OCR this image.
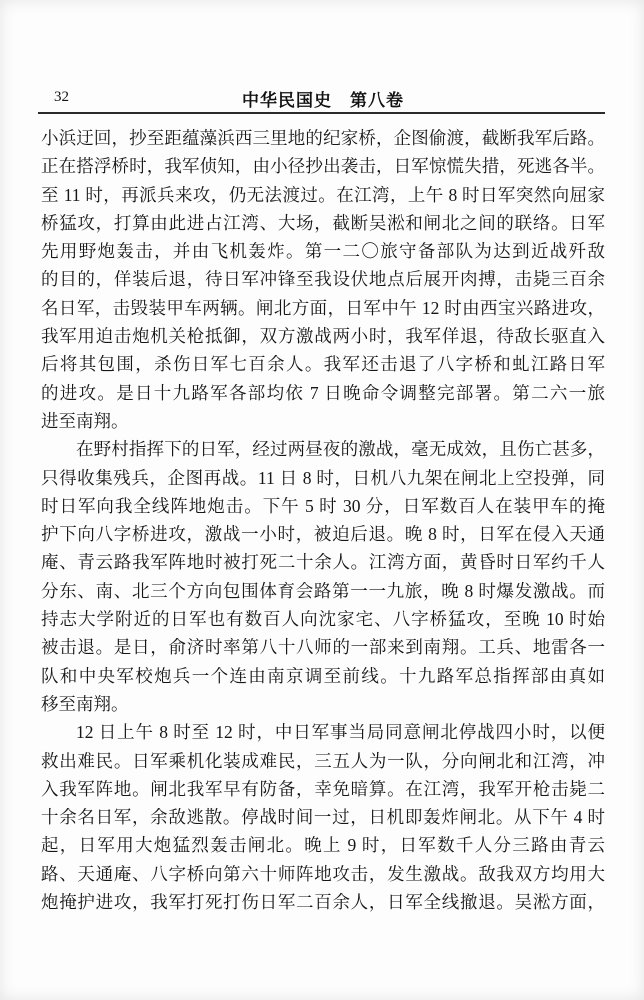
32	中华民国史　第八卷
小浜迂回，抄至距蕴藻浜西三里地的纪家桥，企图偷渡，截断我军后路。
正在搭浮桥时，我军侦知，由小径抄出袭击，日军惊慌失措，死逃各半。
至 11 时，再派兵来攻，仍无法渡过。在江湾，上午 8 时日军突然向屈家
桥猛攻，打算由此进占江湾、大场，截断吴淞和闸北之间的联络。日军
先用野炮轰击，并由飞机轰炸。第一二〇旅守备部队为达到近战歼敌
的目的，佯装后退，待日军冲锋至我设伏地点后展开肉搏，击毙三百余
名日军，击毁装甲车两辆。闸北方面，日军中午 12 时由西宝兴路进攻，
我军用迫击炮机关枪抵御，双方激战两小时，我军佯退，待敌长驱直入
后将其包围，杀伤日军七百余人。我军还击退了八字桥和虬江路日军
的进攻。是日十九路军各部均依 7 日晚命令调整完部署。第二六一旅
进至南翔。
在野村指挥下的日军，经过两昼夜的激战，毫无成效，且伤亡甚多，
只得收集残兵，企图再战。11 日 8 时，日机八九架在闸北上空投弹，同
时日军向我全线阵地炮击。下午 5 时 30 分，日军数百人在装甲车的掩
护下向八字桥进攻，激战一小时，被迫后退。晚 8 时，日军在侵入天通
庵、青云路我军阵地时被打死二十余人。江湾方面，黄昏时日军约千人
分东、南、北三个方向包围体育会路第一一九旅，晚 8 时爆发激战。而
持志大学附近的日军也有数百人向沈家宅、八字桥猛攻，至晚 10 时始
被击退。是日，俞济时率第八十八师的一部来到南翔。工兵、地雷各一
队和中央军校炮兵一个连由南京调至前线。十九路军总指挥部由真如
移至南翔。
12 日上午 8 时至 12 时，中日军事当局同意闸北停战四小时，以便
救出难民。日军乘机化装成难民，三五人为一队，分向闸北和江湾，冲
入我军阵地。闸北我军早有防备，幸免暗算。在江湾，我军开枪击毙二
十余名日军，余敌逃散。停战时间一过，日机即轰炸闸北。从下午 4 时
起，日军用大炮猛烈轰击闸北。晚上 9 时，日军数千人分三路由青云
路、天通庵、八字桥向第六十师阵地攻击，发生激战。敌我双方均用大
炮掩护进攻，我军打死打伤日军二百余人，日军全线撤退。吴淞方面，
